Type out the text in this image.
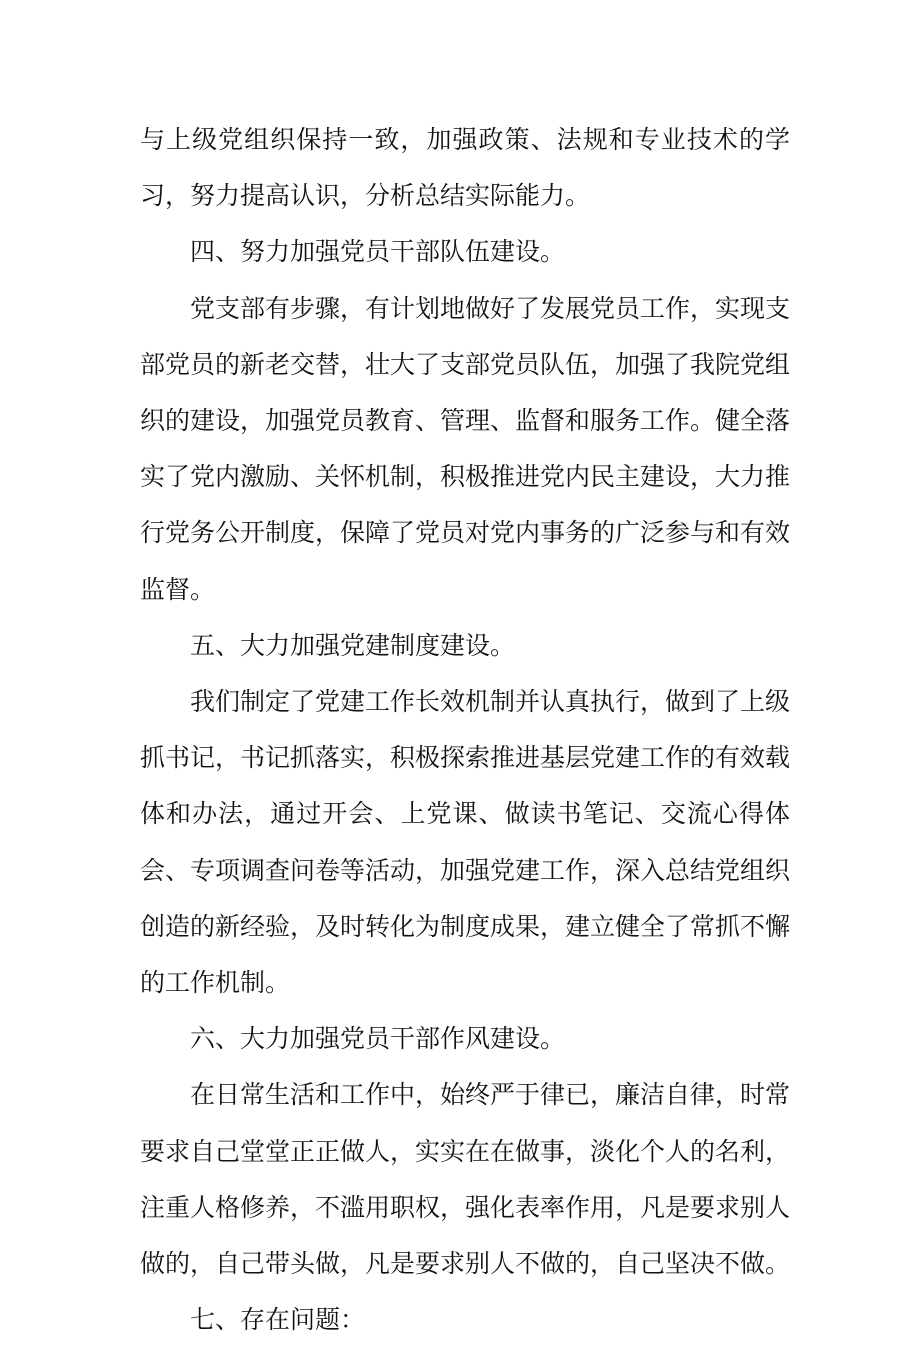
与上级党组织保持一致，加强政策、法规和专业技术的学习，努力提高认识，分析总结实际能力。

四、努力加强党员干部队伍建设。

党支部有步骤，有计划地做好了发展党员工作，实现支部党员的新老交替，壮大了支部党员队伍，加强了我院党组织的建设，加强党员教育、管理、监督和服务工作。健全落实了党内激励、关怀机制，积极推进党内民主建设，大力推行党务公开制度，保障了党员对党内事务的广泛参与和有效监督。

五、大力加强党建制度建设。

我们制定了党建工作长效机制并认真执行，做到了上级抓书记，书记抓落实，积极探索推进基层党建工作的有效载体和办法，通过开会、上党课、做读书笔记、交流心得体会、专项调查问卷等活动，加强党建工作，深入总结党组织创造的新经验，及时转化为制度成果，建立健全了常抓不懈的工作机制。

六、大力加强党员干部作风建设。

在日常生活和工作中，始终严于律已，廉洁自律，时常要求自己堂堂正正做人，实实在在做事，淡化个人的名利，注重人格修养，不滥用职权，强化表率作用，凡是要求别人做的，自己带头做，凡是要求别人不做的，自己坚决不做。

七、存在问题：
